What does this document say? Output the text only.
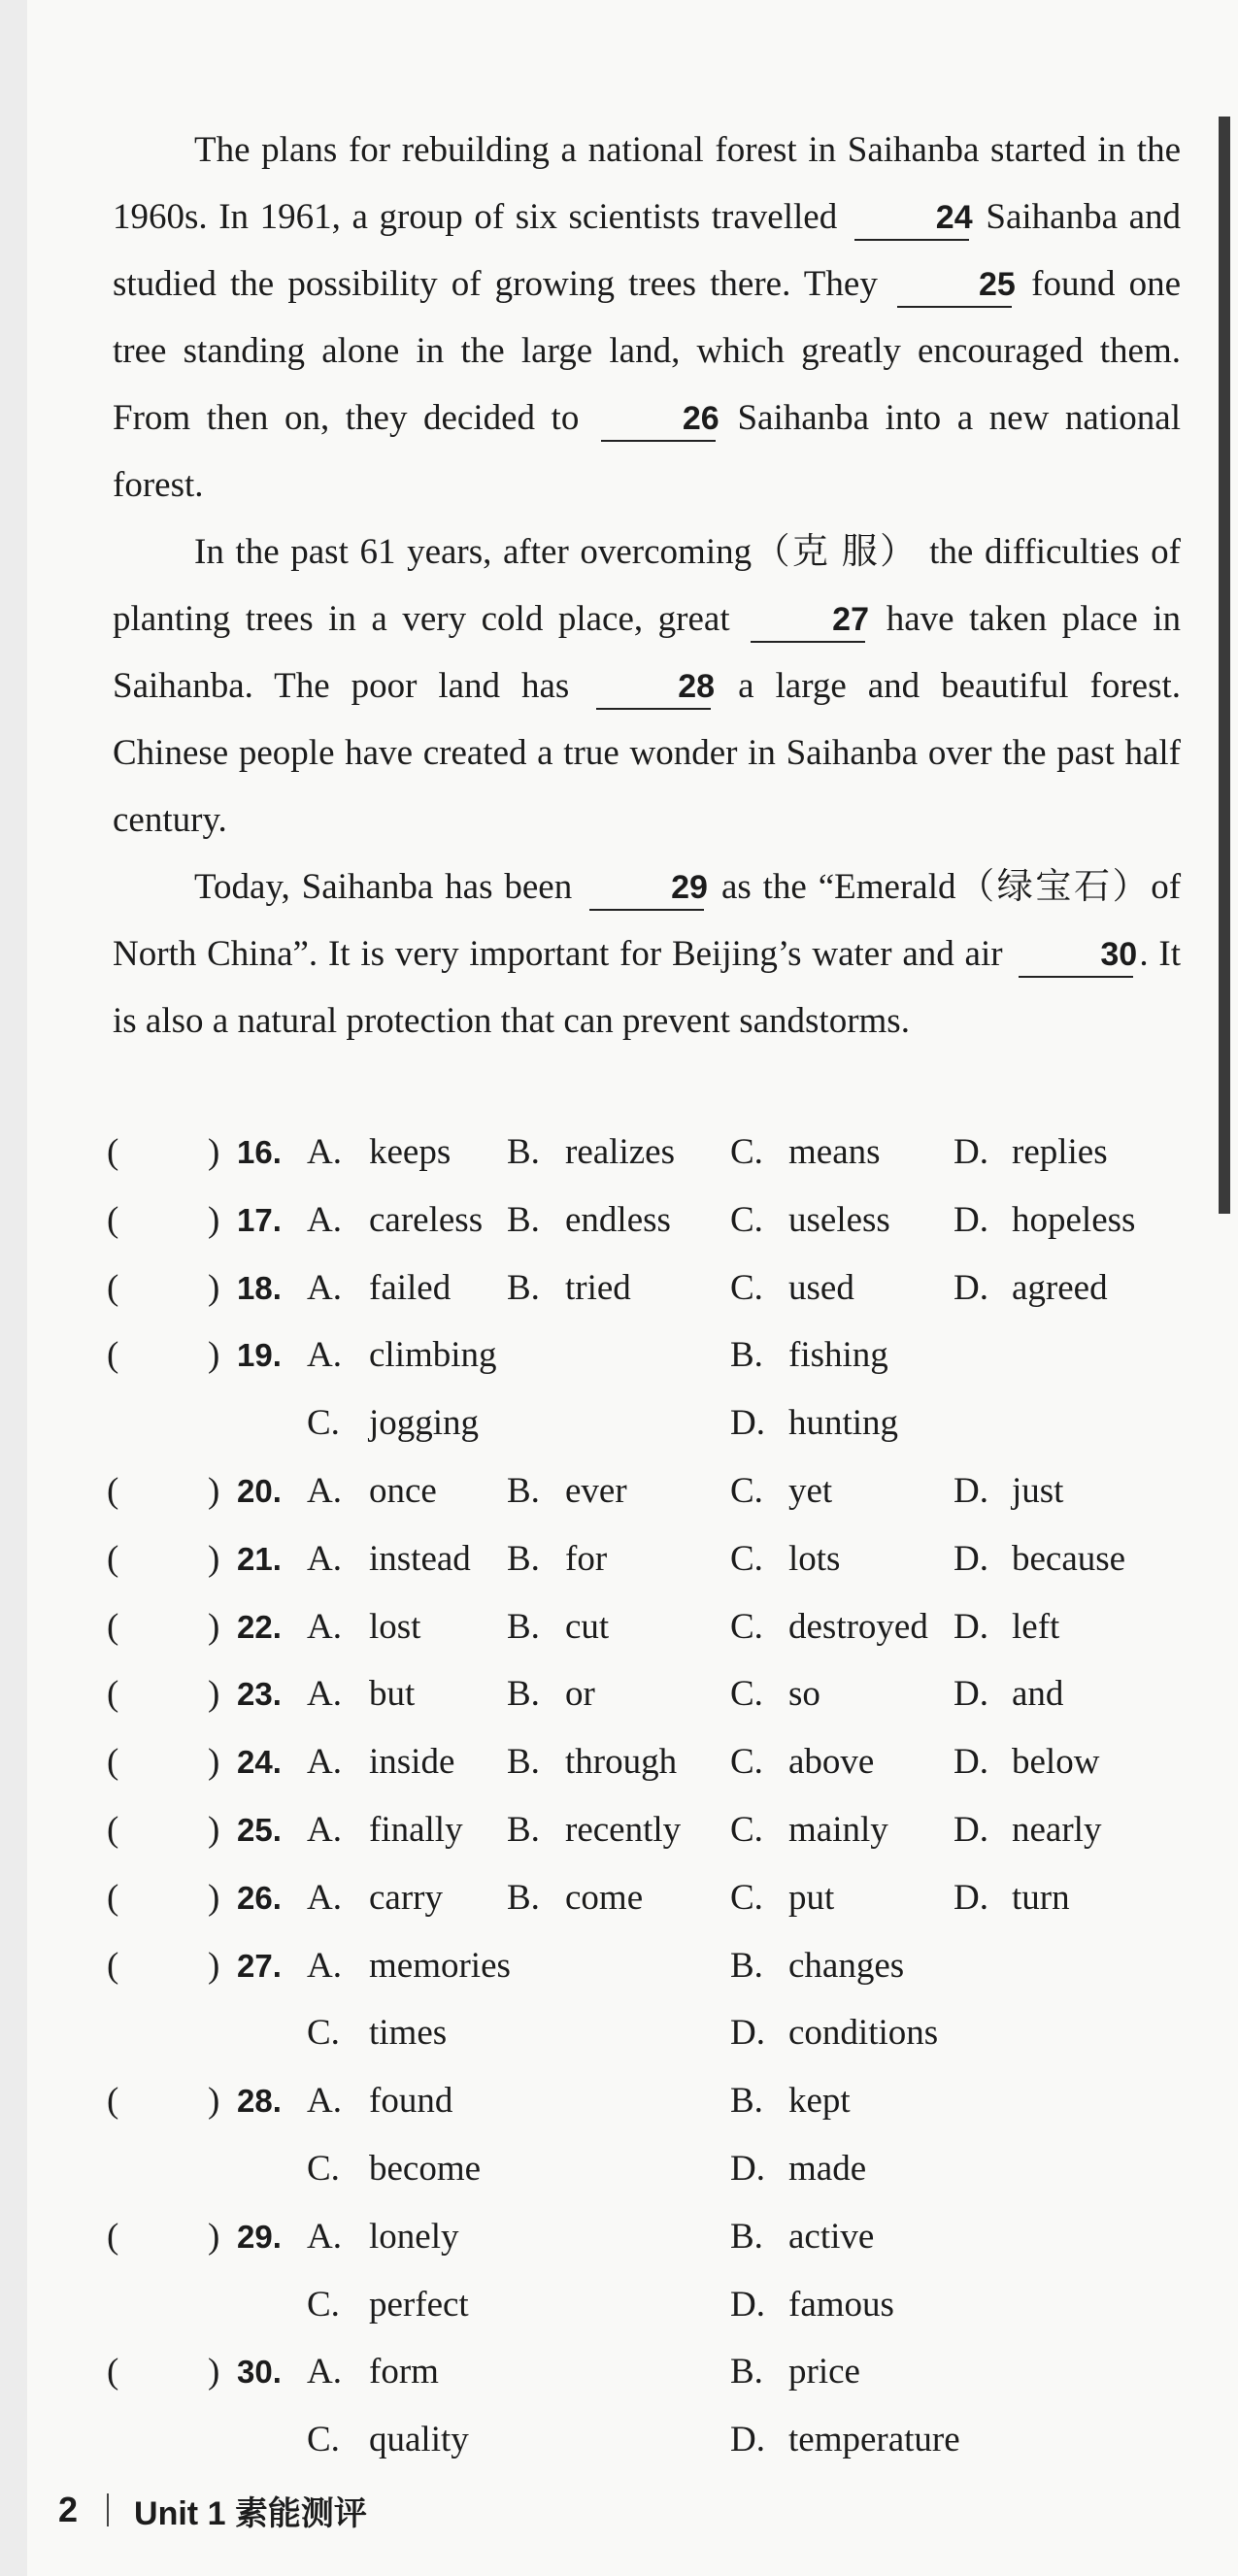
The plans for rebuilding a national forest in Saihanba started in the 1960s. In 1961, a group of six scientists travelled	24 Saihanba and studied the possibility of growing trees there. They	25 found one tree standing alone in the large land, which greatly encouraged them. From then on, they decided to	26 Saihanba into a new national forest.

In the past 61 years, after overcoming（克 服） the difficulties of planting trees in a very cold place, great	27 have taken place in Saihanba. The poor land has	28 a large and beautiful forest. Chinese people have created a true wonder in Saihanba over the past half century.

Today, Saihanba has been	29 as the “Emerald（绿宝石）of North China”. It is very important for Beijing’s water and air	30. It is also a natural protection that can prevent sandstorms.

( ) 16. A. keeps B. realizes C. means D. replies
( ) 17. A. careless B. endless C. useless D. hopeless
( ) 18. A. failed B. tried	C. used	D. agreed
( ) 19. A. climbing	B. fishing
C. jogging	D. hunting
( ) 20. A. once B. ever	C. yet	D. just
( ) 21. A. instead B. for	C. lots	D. because
( ) 22. A. lost B. cut	C. destroyed D. left
( ) 23. A. but	B. or	C. so	D. and
( ) 24. A. inside B. through C. above D. below
( ) 25. A. finally B. recently C. mainly D. nearly
( ) 26. A. carry B. come C. put	D. turn
( ) 27. A. memories	B. changes
C. times	D. conditions
( ) 28. A. found	B. kept
C. become	D. made
( ) 29. A. lonely	B. active
C. perfect	D. famous
( ) 30. A. form	B. price
C. quality	D. temperature
2 Unit 1 素能测评
